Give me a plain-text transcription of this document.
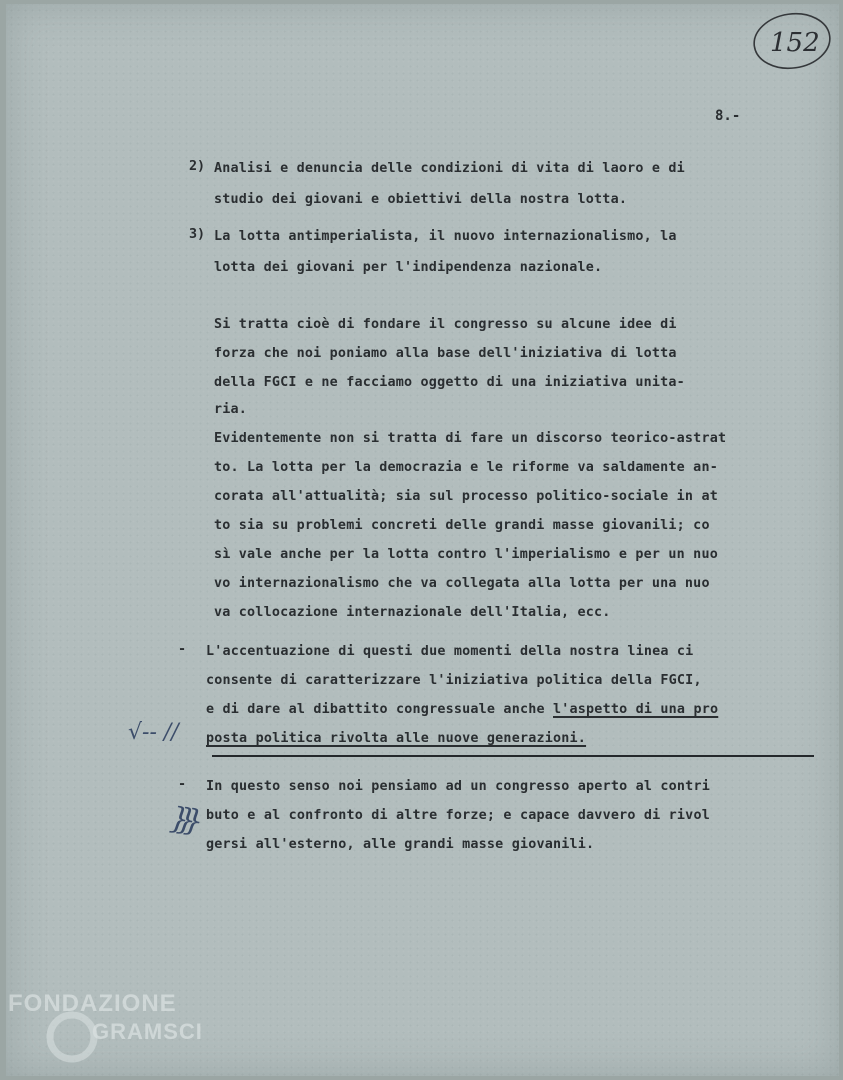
152
8.-
2) Analisi e denuncia delle condizioni di vita di laoro e di
studio dei giovani e obiettivi della nostra lotta.
3) La lotta antimperialista, il nuovo internazionalismo, la
lotta dei giovani per l'indipendenza nazionale.
Si tratta cioè di fondare il congresso su alcune idee di
forza che noi poniamo alla base dell'iniziativa di lotta
della FGCI e ne facciamo oggetto di una iniziativa unita-
ria.
Evidentemente non si tratta di fare un discorso teorico-astrat
to. La lotta per la democrazia e le riforme va saldamente an-
corata all'attualità; sia sul processo politico-sociale in at
to sia su problemi concreti delle grandi masse giovanili; co
sì vale anche per la lotta contro l'imperialismo e per un nuo
vo internazionalismo che va collegata alla lotta per una nuo
va collocazione internazionale dell'Italia, ecc.
- L'accentuazione di questi due momenti della nostra linea ci
consente di caratterizzare l'iniziativa politica della FGCI,
e di dare al dibattito congressuale anche l'aspetto di una pro
posta politica rivolta alle nuove generazioni.
√-- //
- In questo senso noi pensiamo ad un congresso aperto al contri
buto e al confronto di altre forze; e capace davvero di rivol
gersi all'esterno, alle grandi masse giovanili.
}}}
FONDAZIONE
GRAMSCI
